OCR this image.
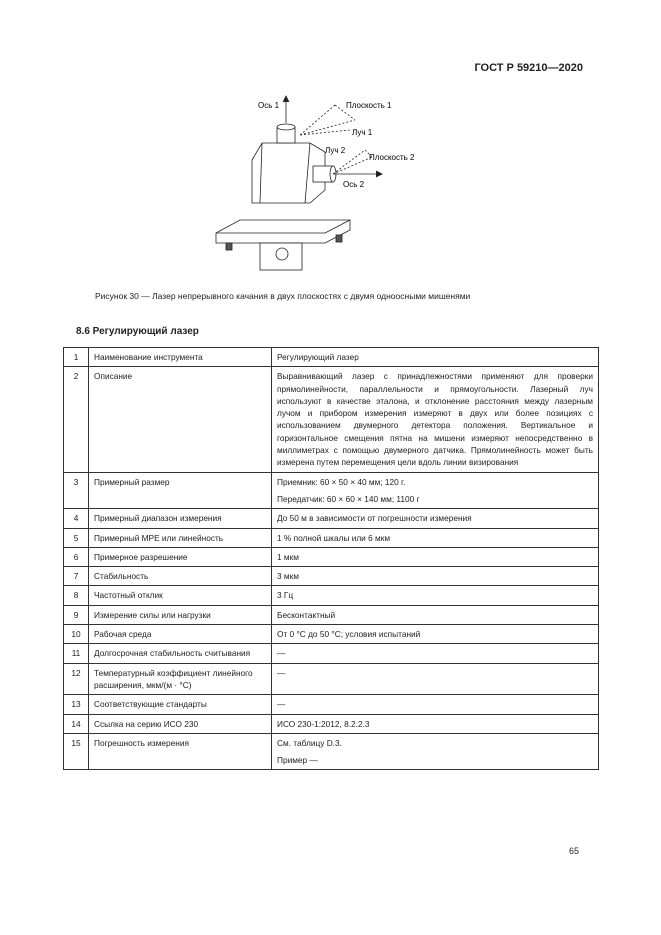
ГОСТ Р 59210—2020
Ось 1	Плоскость 1
Луч 1
Луч 2
Плоскость 2
Ось 2
Рисунок 30 — Лазер непрерывного качания в двух плоскостях с двумя одноосными мишенями
8.6 Регулирующий лазер
1	Наименование инструмента	Регулирующий лазер

2	Описание	Выравнивающий лазер с принадлежностями применяют для проверки прямолинейности, параллельности и прямоугольности. Лазерный луч используют в качестве эталона, и отклонение расстояния между лазерным лучом и прибором измерения измеряют в двух или более позициях с использованием двумерного детектора положения. Вертикальное и горизонтальное смещения пятна на мишени измеряют непосредственно в миллиметрах с помощью двумерного датчика. Прямолинейность может быть измерена путем перемещения цели вдоль линии визирования

3	Примерный размер	Приемник: 60 × 50 × 40 мм; 120 г.
Передатчик: 60 × 60 × 140 мм; 1100 г

4	Примерный диапазон измерения	До 50 м в зависимости от погрешности измерения

5	Примерный MPE или линейность	1 % полной шкалы или 6 мкм

6	Примерное разрешение	1 мкм

7	Стабильность	3 мкм

8	Частотный отклик	3 Гц

9	Измерение силы или нагрузки	Бесконтактный

10	Рабочая среда	От 0 °С до 50 °С; условия испытаний

11	Долгосрочная стабильность считывания	—

12	Температурный коэффициент линейного расширения, мкм/(м · °С)	—

13	Соответствующие стандарты	—

14	Ссылка на серию ИСО 230	ИСО 230-1:2012, 8.2.2.3

15	Погрешность измерения	См. таблицу D.3.
Пример —
65
